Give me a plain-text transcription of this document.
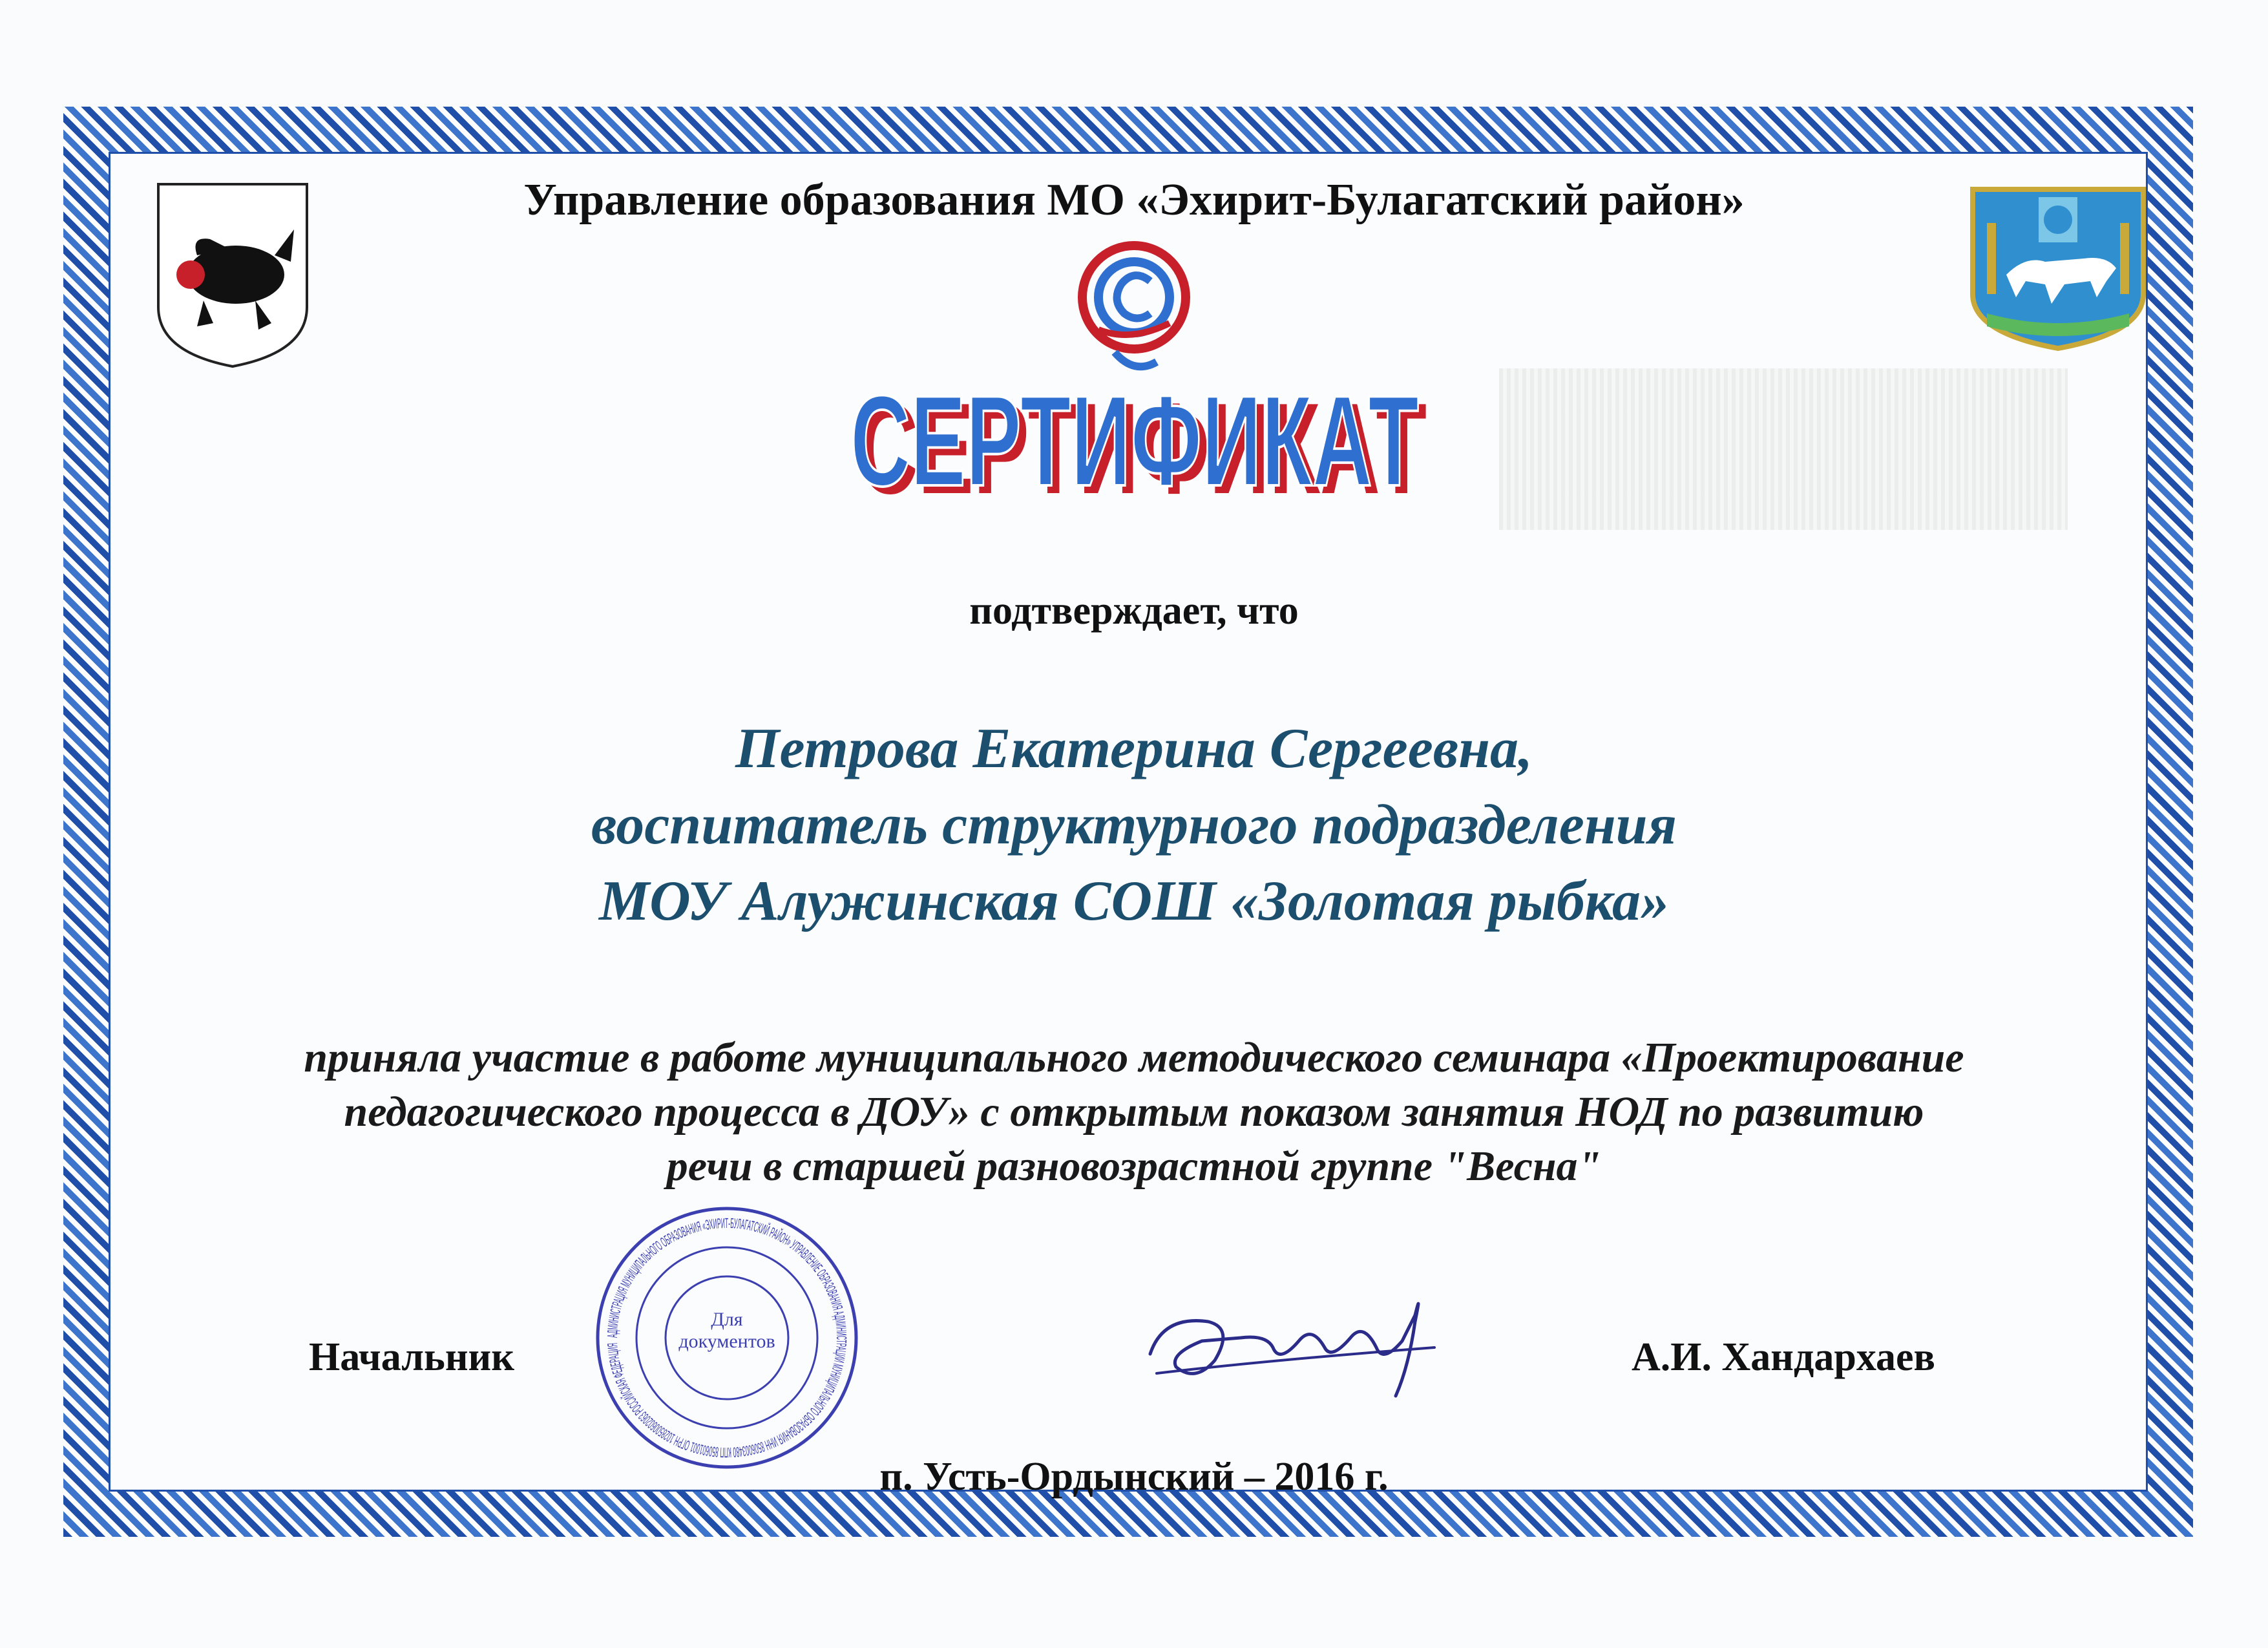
Управление образования МО «Эхирит-Булагатский район»
СЕРТИФИКАТ
СЕРТИФИКАТ
подтверждает, что
Петрова Екатерина Сергеевна,
воспитатель структурного подразделения
МОУ Алужинская СОШ «Золотая рыбка»
приняла участие в работе муниципального методического семинара «Проектирование
педагогического процесса в ДОУ» с открытым показом занятия НОД по развитию
речи в старшей разновозрастной группе "Весна"
АДМИНИСТРАЦИЯ МУНИЦИПАЛЬНОГО ОБРАЗОВАНИЯ «ЭХИРИТ-БУЛАГАТСКИЙ РАЙОН» УПРАВЛЕНИЕ ОБРАЗОВАНИЯ АДМИНИСТРАЦИИ МУНИЦИПАЛЬНОГО ОБРАЗОВАНИЯ ИНН 8506003480 КПП 850601001 ОГРН 1028500602063 РОССИЙСКАЯ ФЕДЕРАЦИЯ
Для документов
Начальник	А.И. Хандархаев
п. Усть-Ордынский – 2016 г.
